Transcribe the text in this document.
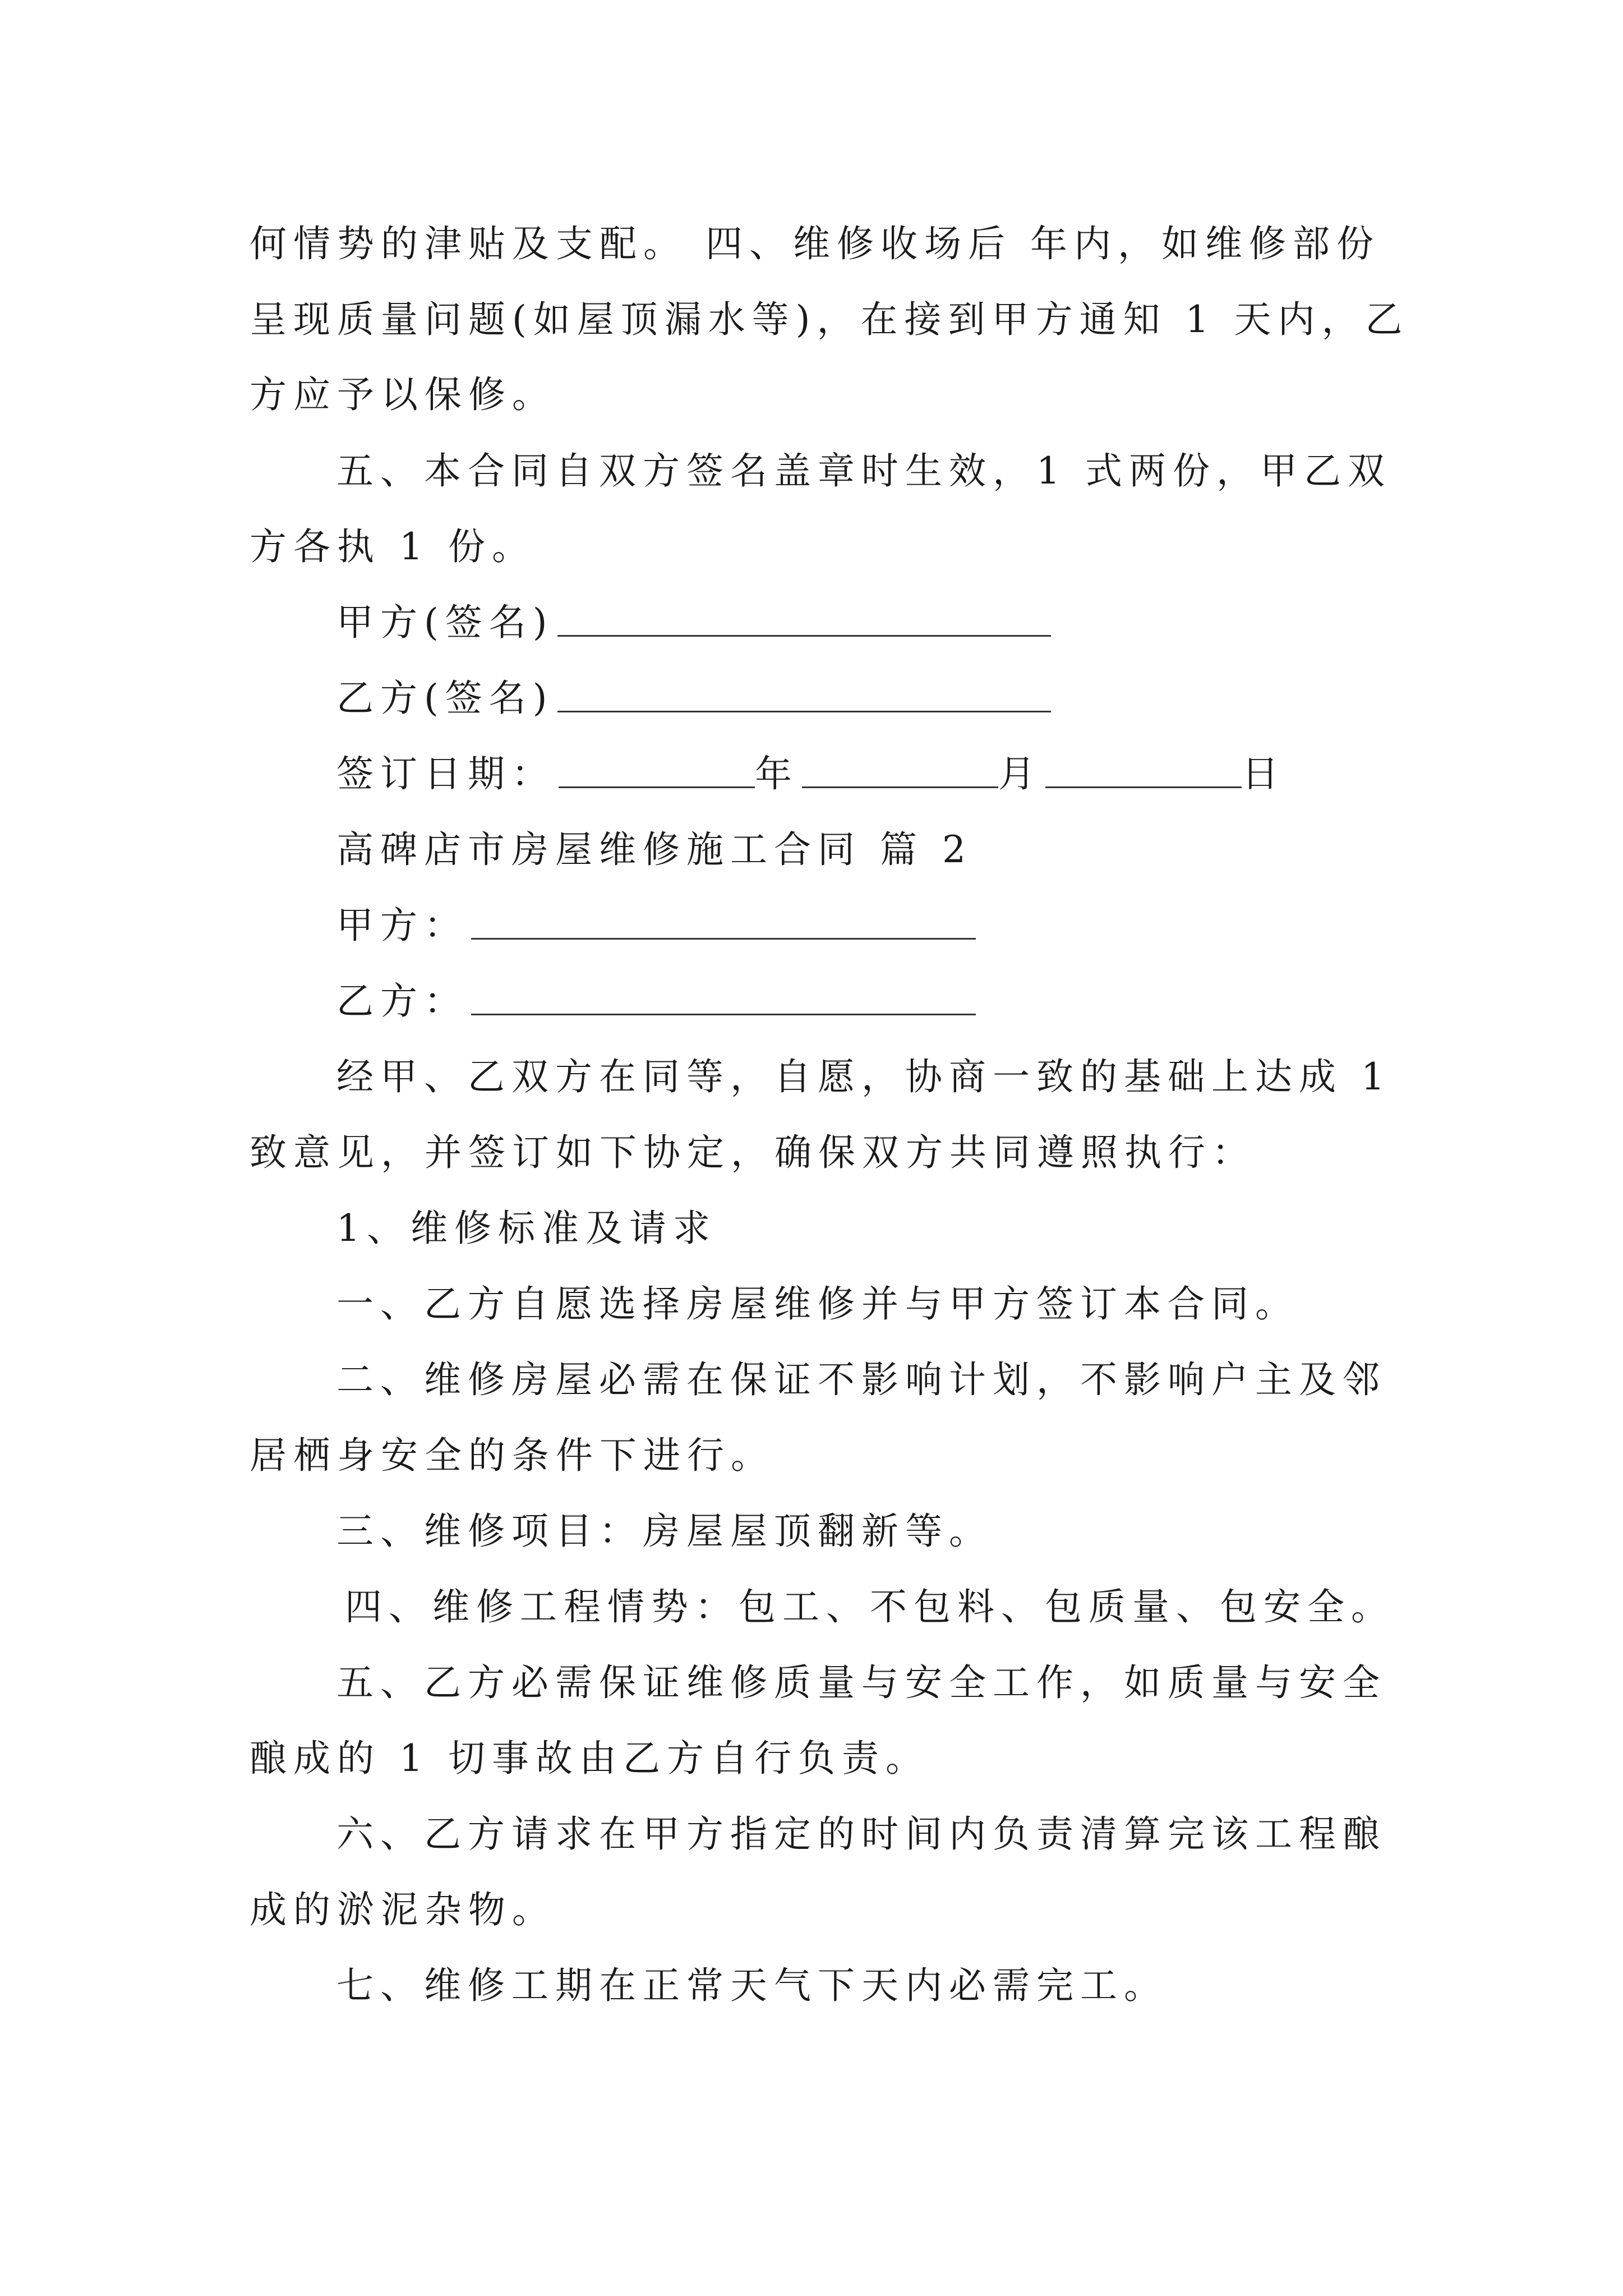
何情势的津贴及支配。 四、维修收场后 年内，如维修部份
呈现质量问题(如屋顶漏水等)，在接到甲方通知 1 天内，乙
方应予以保修。
五、本合同自双方签名盖章时生效，1 式两份，甲乙双
方各执 1 份。
甲方(签名)
乙方(签名)
签订日期：	年	月	日
高碑店市房屋维修施工合同 篇 2
甲方：
乙方：
经甲、乙双方在同等，自愿，协商一致的基础上达成 1
致意见，并签订如下协定，确保双方共同遵照执行：
1、维修标准及请求
一、乙方自愿选择房屋维修并与甲方签订本合同。
二、维修房屋必需在保证不影响计划，不影响户主及邻
居栖身安全的条件下进行。
三、维修项目：房屋屋顶翻新等。
四、维修工程情势：包工、不包料、包质量、包安全。
五、乙方必需保证维修质量与安全工作，如质量与安全
酿成的 1 切事故由乙方自行负责。
六、乙方请求在甲方指定的时间内负责清算完该工程酿
成的淤泥杂物。
七、维修工期在正常天气下天内必需完工。
